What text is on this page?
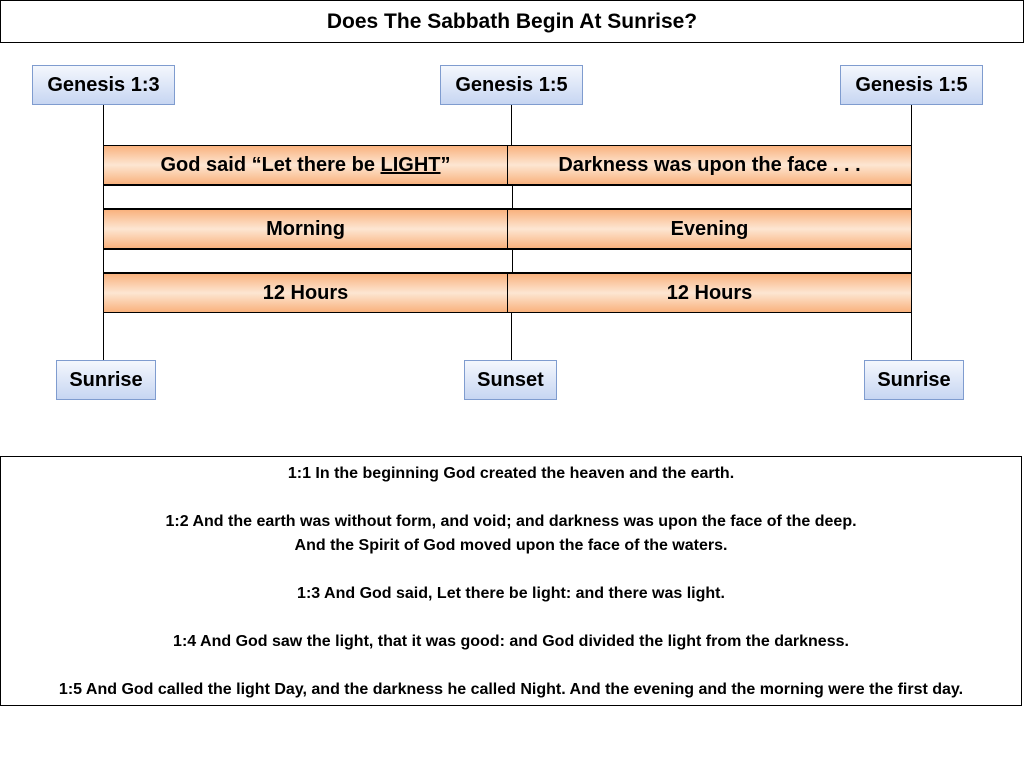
Does The Sabbath Begin At Sunrise?
Genesis 1:3	Genesis 1:5	Genesis 1:5
God said “Let there be LIGHT ”	Darkness was upon the face . . .
Morning	Evening
12 Hours	12 Hours
Sunrise	Sunset	Sunrise

1:1 In the beginning God created the heaven and the earth.

1:2 And the earth was without form, and void; and darkness was upon the face of the deep.
And the Spirit of God moved upon the face of the waters.

1:3 And God said, Let there be light: and there was light.

1:4 And God saw the light, that it was good: and God divided the light from the darkness.

1:5 And God called the light Day, and the darkness he called Night. And the evening and the morning were the first day.
